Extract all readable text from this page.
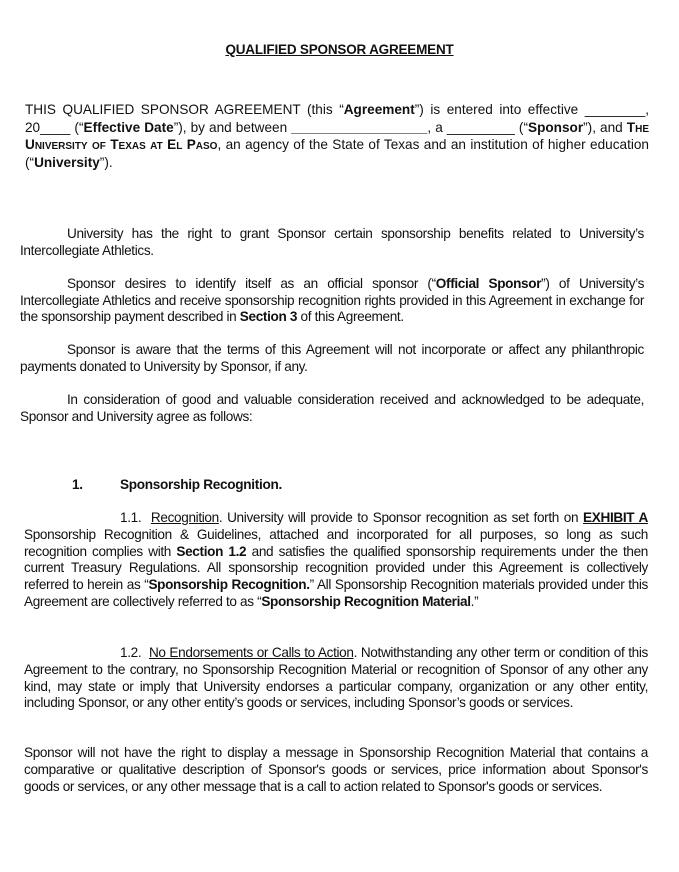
QUALIFIED SPONSOR AGREEMENT

THIS QUALIFIED SPONSOR AGREEMENT (this “Agreement”) is entered into effective ________, 20____ (“Effective Date”), by and between __________________, a _________ (“Sponsor”), and The University of Texas at El Paso, an agency of the State of Texas and an institution of higher education (“University”).

University has the right to grant Sponsor certain sponsorship benefits related to University’s Intercollegiate Athletics.

Sponsor desires to identify itself as an official sponsor (“Official Sponsor”) of University’s Intercollegiate Athletics and receive sponsorship recognition rights provided in this Agreement in exchange for the sponsorship payment described in Section 3 of this Agreement.

Sponsor is aware that the terms of this Agreement will not incorporate or affect any philanthropic payments donated to University by Sponsor, if any.

In consideration of good and valuable consideration received and acknowledged to be adequate, Sponsor and University agree as follows:

1.	Sponsorship Recognition.

1.1. Recognition. University will provide to Sponsor recognition as set forth on EXHIBIT A Sponsorship Recognition & Guidelines, attached and incorporated for all purposes, so long as such recognition complies with Section 1.2 and satisfies the qualified sponsorship requirements under the then current Treasury Regulations. All sponsorship recognition provided under this Agreement is collectively referred to herein as “Sponsorship Recognition.” All Sponsorship Recognition materials provided under this Agreement are collectively referred to as “Sponsorship Recognition Material.”

1.2. No Endorsements or Calls to Action. Notwithstanding any other term or condition of this Agreement to the contrary, no Sponsorship Recognition Material or recognition of Sponsor of any other any kind, may state or imply that University endorses a particular company, organization or any other entity, including Sponsor, or any other entity’s goods or services, including Sponsor’s goods or services.

Sponsor will not have the right to display a message in Sponsorship Recognition Material that contains a comparative or qualitative description of Sponsor's goods or services, price information about Sponsor's goods or services, or any other message that is a call to action related to Sponsor's goods or services.
